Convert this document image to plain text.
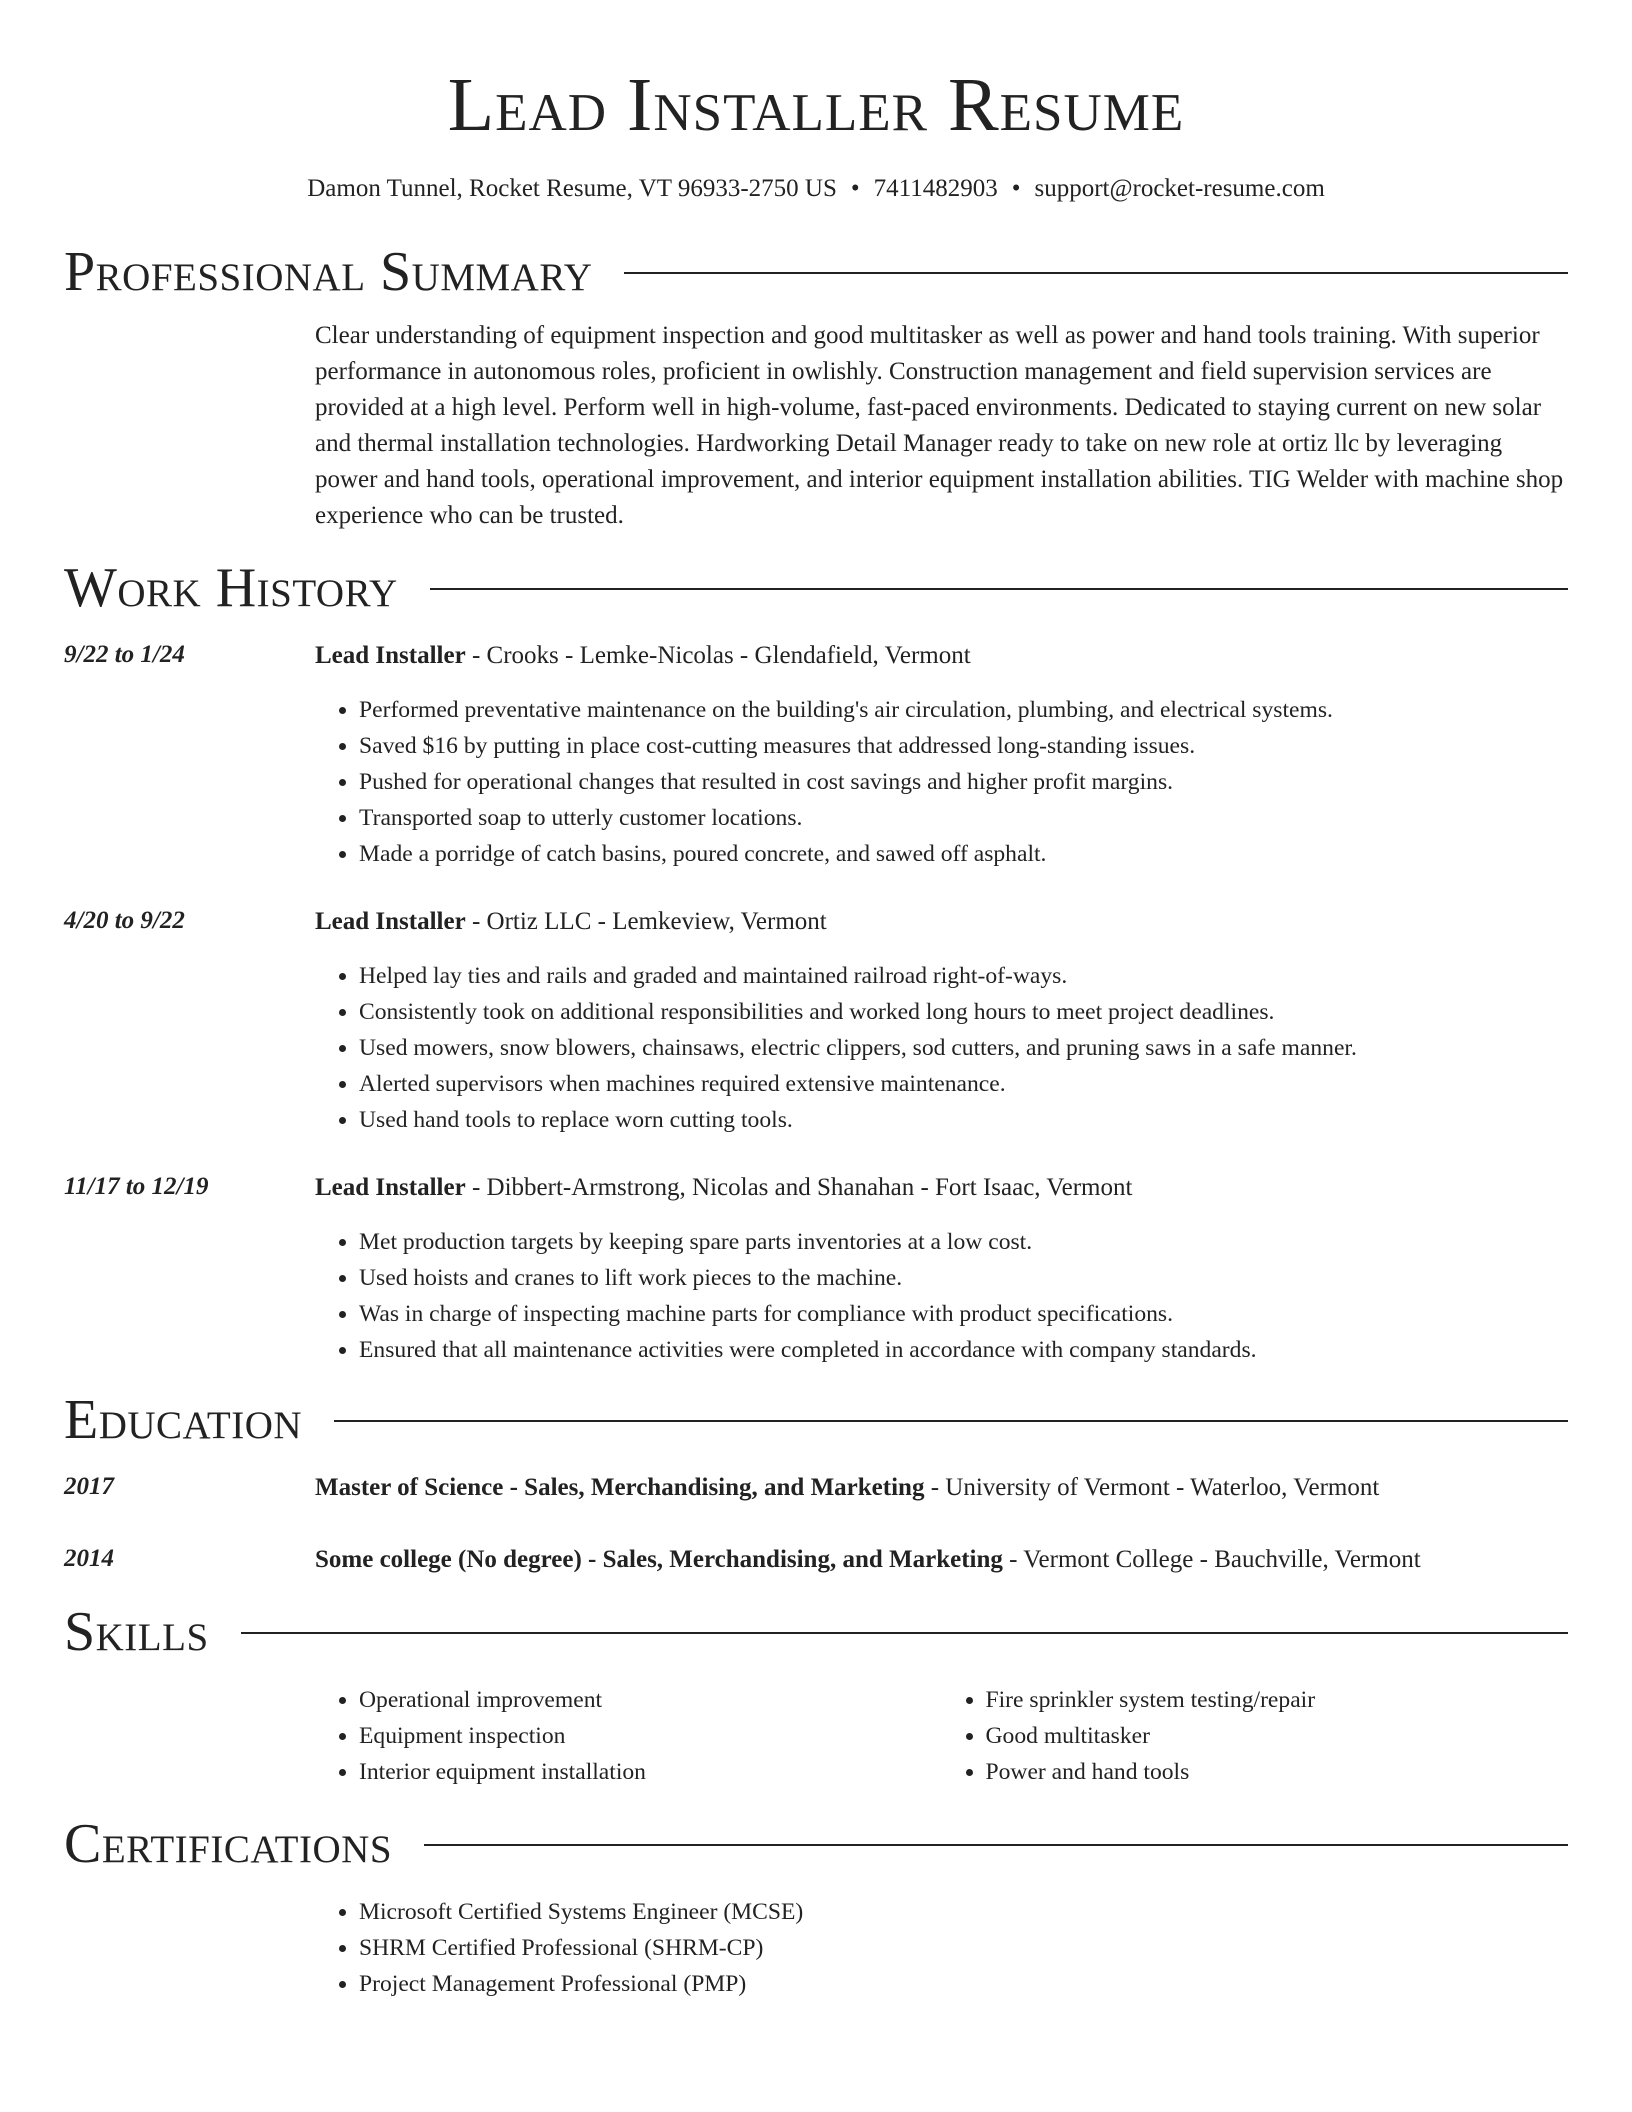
Lead Installer Resume
Damon Tunnel, Rocket Resume, VT 96933-2750 US • 7411482903 • support@rocket-resume.com
Professional Summary
Clear understanding of equipment inspection and good multitasker as well as power and hand tools training. With superior performance in autonomous roles, proficient in owlishly. Construction management and field supervision services are provided at a high level. Perform well in high-volume, fast-paced environments. Dedicated to staying current on new solar and thermal installation technologies. Hardworking Detail Manager ready to take on new role at ortiz llc by leveraging power and hand tools, operational improvement, and interior equipment installation abilities. TIG Welder with machine shop experience who can be trusted.
Work History
9/22 to 1/24	Lead Installer - Crooks - Lemke-Nicolas - Glendafield, Vermont
• Performed preventative maintenance on the building's air circulation, plumbing, and electrical systems.
• Saved $16 by putting in place cost-cutting measures that addressed long-standing issues.
• Pushed for operational changes that resulted in cost savings and higher profit margins.
• Transported soap to utterly customer locations.
• Made a porridge of catch basins, poured concrete, and sawed off asphalt.
4/20 to 9/22	Lead Installer - Ortiz LLC - Lemkeview, Vermont
• Helped lay ties and rails and graded and maintained railroad right-of-ways.
• Consistently took on additional responsibilities and worked long hours to meet project deadlines.
• Used mowers, snow blowers, chainsaws, electric clippers, sod cutters, and pruning saws in a safe manner.
• Alerted supervisors when machines required extensive maintenance.
• Used hand tools to replace worn cutting tools.
11/17 to 12/19	Lead Installer - Dibbert-Armstrong, Nicolas and Shanahan - Fort Isaac, Vermont
• Met production targets by keeping spare parts inventories at a low cost.
• Used hoists and cranes to lift work pieces to the machine.
• Was in charge of inspecting machine parts for compliance with product specifications.
• Ensured that all maintenance activities were completed in accordance with company standards.
Education
2017	Master of Science - Sales, Merchandising, and Marketing - University of Vermont - Waterloo, Vermont
2014	Some college (No degree) - Sales, Merchandising, and Marketing - Vermont College - Bauchville, Vermont
Skills
• Operational improvement
• Equipment inspection
• Interior equipment installation
• Fire sprinkler system testing/repair
• Good multitasker
• Power and hand tools
Certifications
• Microsoft Certified Systems Engineer (MCSE)
• SHRM Certified Professional (SHRM-CP)
• Project Management Professional (PMP)
